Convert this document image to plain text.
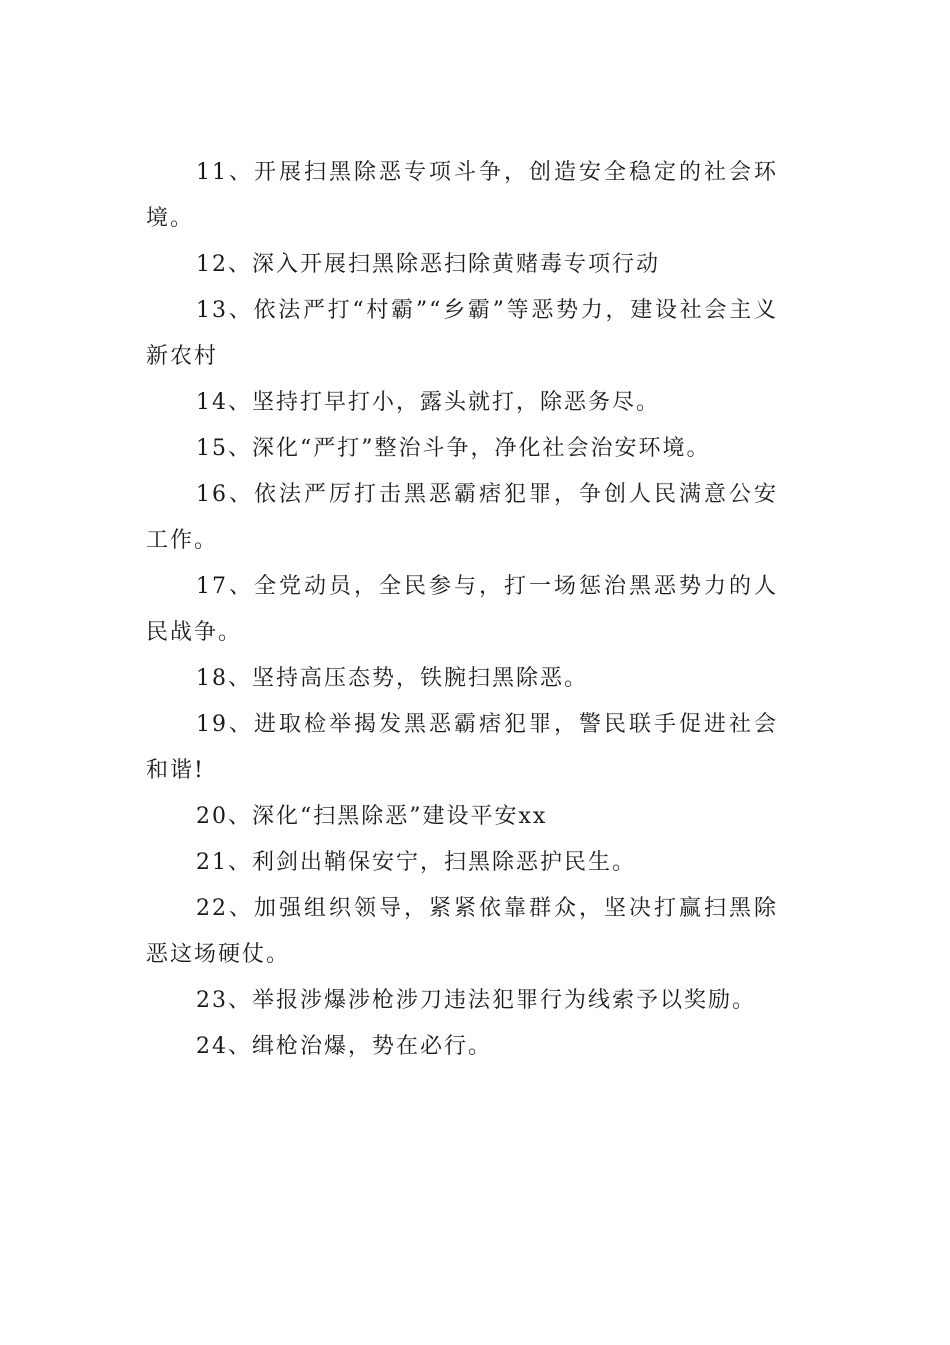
11、开展扫黑除恶专项斗争，创造安全稳定的社会环境。

12、深入开展扫黑除恶扫除黄赌毒专项行动

13、依法严打“村霸”“乡霸”等恶势力，建设社会主义新农村

14、坚持打早打小，露头就打，除恶务尽。

15、深化“严打”整治斗争，净化社会治安环境。

16、依法严厉打击黑恶霸痞犯罪，争创人民满意公安工作。

17、全党动员，全民参与，打一场惩治黑恶势力的人民战争。

18、坚持高压态势，铁腕扫黑除恶。

19、进取检举揭发黑恶霸痞犯罪，警民联手促进社会和谐!

20、深化“扫黑除恶”建设平安xx

21、利剑出鞘保安宁，扫黑除恶护民生。

22、加强组织领导，紧紧依靠群众，坚决打赢扫黑除恶这场硬仗。

23、举报涉爆涉枪涉刀违法犯罪行为线索予以奖励。

24、缉枪治爆，势在必行。
